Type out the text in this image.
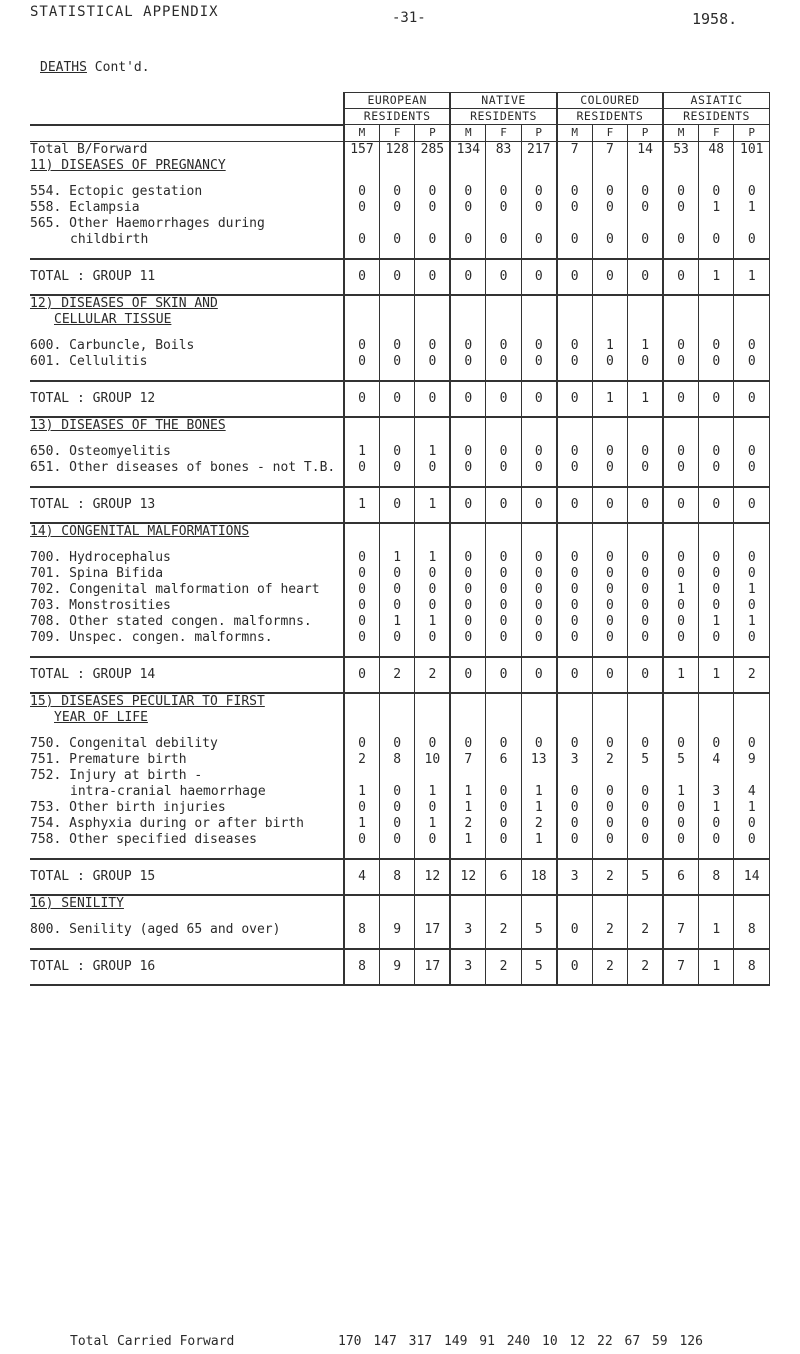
STATISTICAL APPENDIX	-31-	1958.
DEATHS Cont'd.
	EUROPEAN			NATIVE			COLOURED			ASIATIC		
	RESIDENTS			RESIDENTS			RESIDENTS			RESIDENTS		
	M	F	P	M	F	P	M	F	P	M	F	P
Total B/Forward	157	128	285	134	83	217	7	7	14	53	48	101
11) DISEASES OF PREGNANCY												

554. Ectopic gestation	0	0	0	0	0	0	0	0	0	0	0	0
558. Eclampsia	0	0	0	0	0	0	0	0	0	0	1	1
565. Other Haemorrhages during												
childbirth	0	0	0	0	0	0	0	0	0	0	0	0

TOTAL : GROUP 11	0	0	0	0	0	0	0	0	0	0	1	1
12) DISEASES OF SKIN AND												
CELLULAR TISSUE												

600. Carbuncle, Boils	0	0	0	0	0	0	0	1	1	0	0	0
601. Cellulitis	0	0	0	0	0	0	0	0	0	0	0	0

TOTAL : GROUP 12	0	0	0	0	0	0	0	1	1	0	0	0
13) DISEASES OF THE BONES												

650. Osteomyelitis	1	0	1	0	0	0	0	0	0	0	0	0
651. Other diseases of bones - not T.B.	0	0	0	0	0	0	0	0	0	0	0	0

TOTAL : GROUP 13	1	0	1	0	0	0	0	0	0	0	0	0
14) CONGENITAL MALFORMATIONS												

700. Hydrocephalus	0	1	1	0	0	0	0	0	0	0	0	0
701. Spina Bifida	0	0	0	0	0	0	0	0	0	0	0	0
702. Congenital malformation of heart	0	0	0	0	0	0	0	0	0	1	0	1
703. Monstrosities	0	0	0	0	0	0	0	0	0	0	0	0
708. Other stated congen. malformns.	0	1	1	0	0	0	0	0	0	0	1	1
709. Unspec. congen. malformns.	0	0	0	0	0	0	0	0	0	0	0	0

TOTAL : GROUP 14	0	2	2	0	0	0	0	0	0	1	1	2
15) DISEASES PECULIAR TO FIRST												
YEAR OF LIFE												

750. Congenital debility	0	0	0	0	0	0	0	0	0	0	0	0
751. Premature birth	2	8	10	7	6	13	3	2	5	5	4	9
752. Injury at birth -												
intra-cranial haemorrhage	1	0	1	1	0	1	0	0	0	1	3	4
753. Other birth injuries	0	0	0	1	0	1	0	0	0	0	1	1
754. Asphyxia during or after birth	1	0	1	2	0	2	0	0	0	0	0	0
758. Other specified diseases	0	0	0	1	0	1	0	0	0	0	0	0

TOTAL : GROUP 15	4	8	12	12	6	18	3	2	5	6	8	14
16) SENILITY												

800. Senility (aged 65 and over)	8	9	17	3	2	5	0	2	2	7	1	8

TOTAL : GROUP 16	8	9	17	3	2	5	0	2	2	7	1	8
Total Carried Forward	170 147 317 149 91 240 10 12 22 67 59 126
